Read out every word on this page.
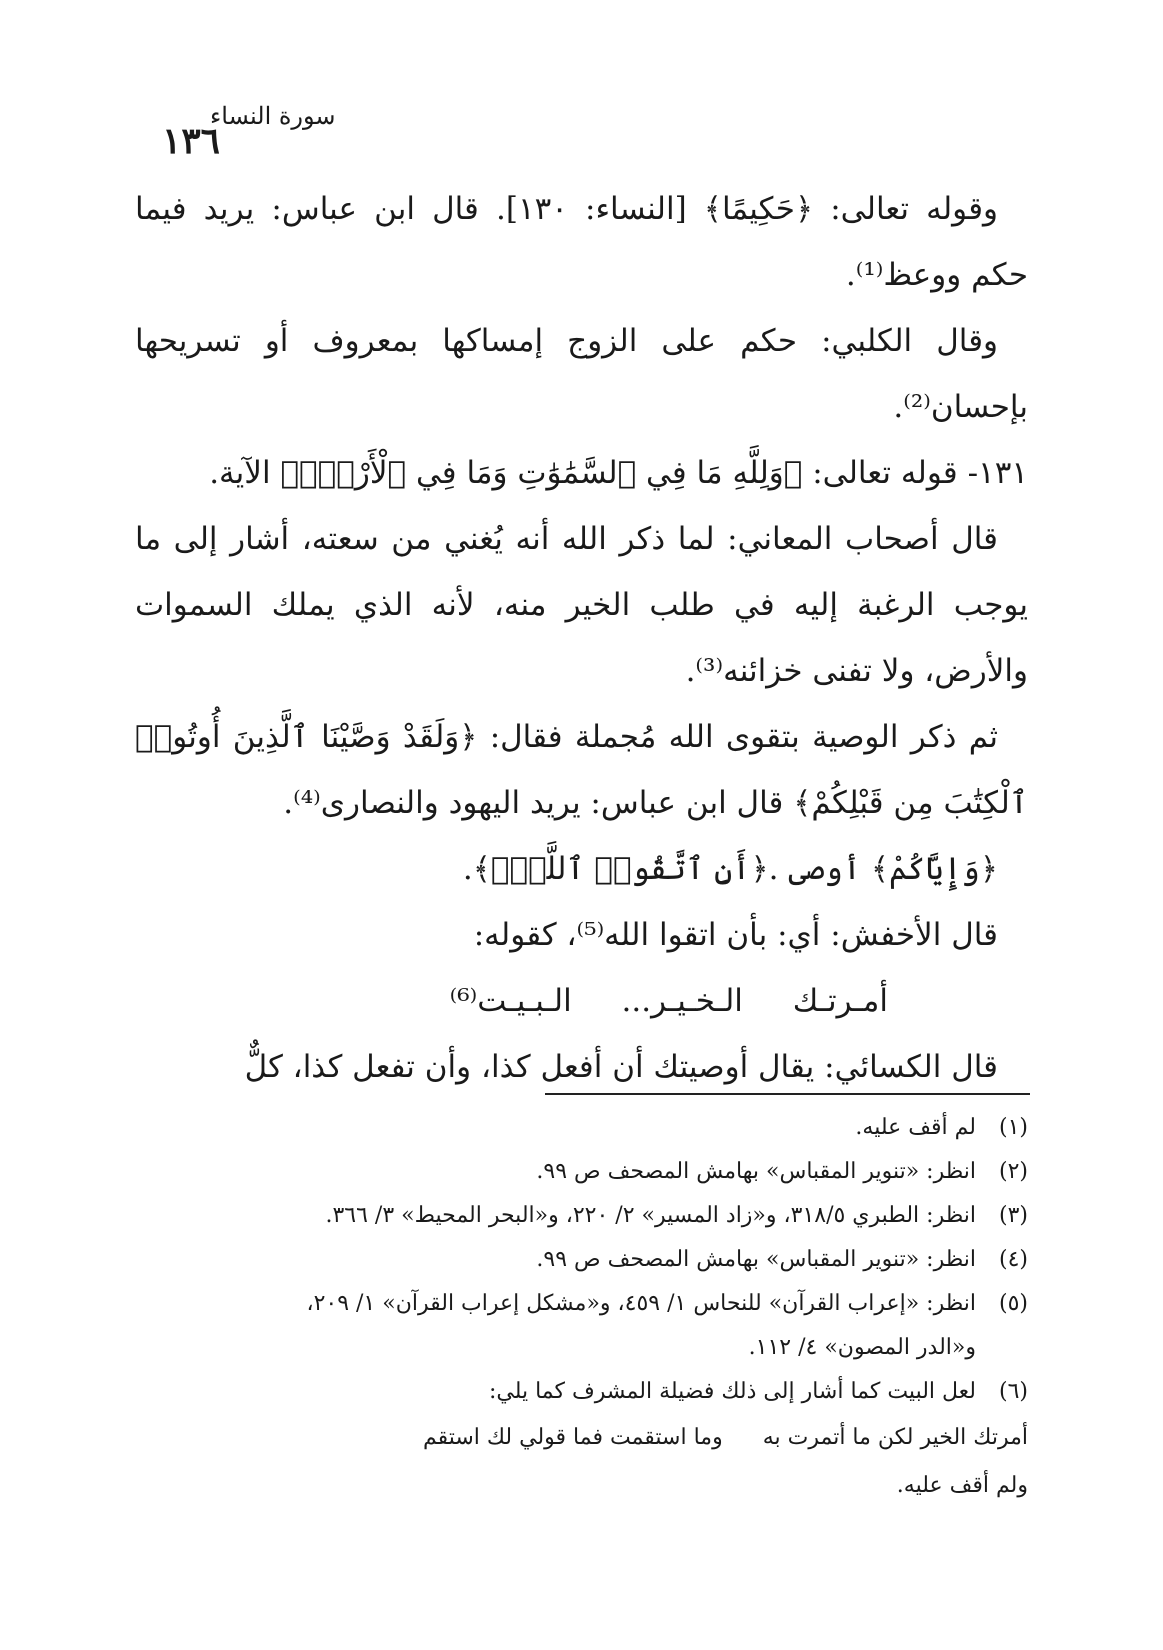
١٣٦
سورة النساء

وقوله تعالى: ﴿حَكِيمًا﴾ [النساء: ١٣٠]. قال ابن عباس: يريد فيما حكم ووعظ⁽¹⁾.

وقال الكلبي: حكم على الزوج إمساكها بمعروف أو تسريحها بإحسان⁽²⁾.

١٣١- قوله تعالى: ﴿وَلِلَّهِ مَا فِي ٱلسَّمَٰوَٰتِ وَمَا فِي ٱلْأَرْضِۗ﴾ الآية.

قال أصحاب المعاني: لما ذكر الله أنه يُغني من سعته، أشار إلى ما يوجب الرغبة إليه في طلب الخير منه، لأنه الذي يملك السموات والأرض، ولا تفنى خزائنه⁽³⁾.

ثم ذكر الوصية بتقوى الله مُجملة فقال: ﴿وَلَقَدْ وَصَّيْنَا ٱلَّذِينَ أُوتُوا۟ ٱلْكِتَٰبَ مِن قَبْلِكُمْ﴾ قال ابن عباس: يريد اليهود والنصارى⁽⁴⁾.

﴿وَإِيَّاكُمْ﴾ أوصى .﴿أَنِ ٱتَّقُوا۟ ٱللَّهَۚ﴾.

قال الأخفش: أي: بأن اتقوا الله⁽⁵⁾، كقوله:

أمـرتـك الـخـيـر... الـبـيـت⁽⁶⁾

قال الكسائي: يقال أوصيتك أن أفعل كذا، وأن تفعل كذا، كلٌّ

(١)
لم أقف عليه.
(٢)
انظر: «تنوير المقباس» بهامش المصحف ص ٩٩.
(٣)
انظر: الطبري ٣١٨/٥، و«زاد المسير» ٢/ ٢٢٠، و«البحر المحيط» ٣/ ٣٦٦.
(٤)
انظر: «تنوير المقباس» بهامش المصحف ص ٩٩.
(٥)
انظر: «إعراب القرآن» للنحاس ١/ ٤٥٩، و«مشكل إعراب القرآن» ١/ ٢٠٩،

و«الدر المصون» ٤/ ١١٢.

(٦)
لعل البيت كما أشار إلى ذلك فضيلة المشرف كما يلي:
أمرتك الخير لكن ما أتمرت به
وما استقمت فما قولي لك استقم

ولم أقف عليه.
